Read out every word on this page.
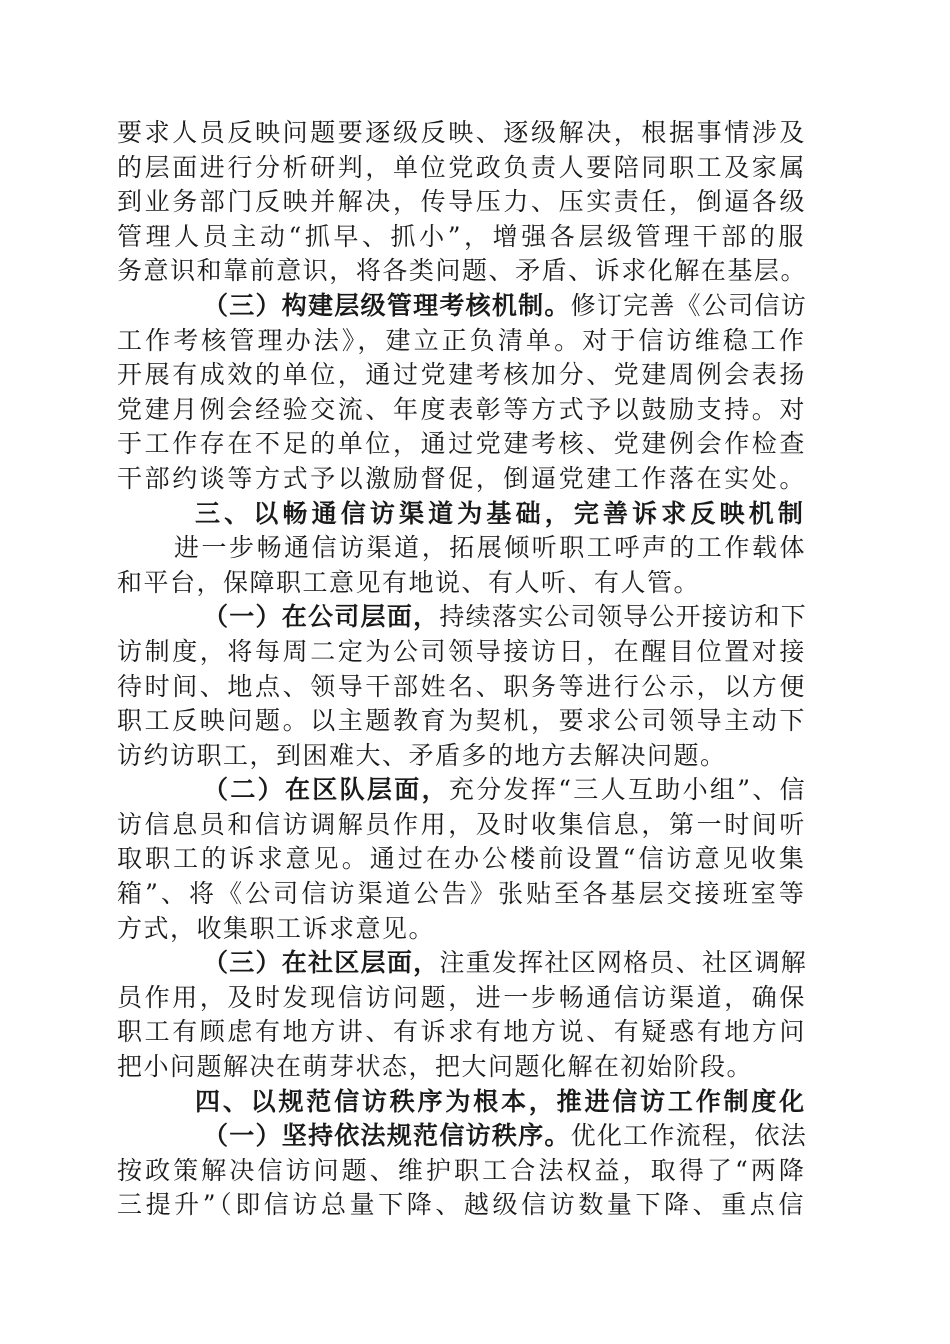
要求人员反映问题要逐级反映、逐级解决，根据事情涉及
的层面进行分析研判，单位党政负责人要陪同职工及家属
到业务部门反映并解决，传导压力、压实责任，倒逼各级
管理人员主动“抓早、抓小”，增强各层级管理干部的服
务意识和靠前意识，将各类问题、矛盾、诉求化解在基层。
（三）构建层级管理考核机制。修订完善《公司信访
工作考核管理办法》，建立正负清单。对于信访维稳工作
开展有成效的单位，通过党建考核加分、党建周例会表扬
党建月例会经验交流、年度表彰等方式予以鼓励支持。对
于工作存在不足的单位，通过党建考核、党建例会作检查
干部约谈等方式予以激励督促，倒逼党建工作落在实处。
三、以畅通信访渠道为基础，完善诉求反映机制
进一步畅通信访渠道，拓展倾听职工呼声的工作载体
和平台，保障职工意见有地说、有人听、有人管。
（一）在公司层面，持续落实公司领导公开接访和下
访制度，将每周二定为公司领导接访日，在醒目位置对接
待时间、地点、领导干部姓名、职务等进行公示，以方便
职工反映问题。以主题教育为契机，要求公司领导主动下
访约访职工，到困难大、矛盾多的地方去解决问题。
（二）在区队层面，充分发挥“三人互助小组”、信
访信息员和信访调解员作用，及时收集信息，第一时间听
取职工的诉求意见。通过在办公楼前设置“信访意见收集
箱”、将《公司信访渠道公告》张贴至各基层交接班室等
方式，收集职工诉求意见。
（三）在社区层面，注重发挥社区网格员、社区调解
员作用，及时发现信访问题，进一步畅通信访渠道，确保
职工有顾虑有地方讲、有诉求有地方说、有疑惑有地方问
把小问题解决在萌芽状态，把大问题化解在初始阶段。
四、以规范信访秩序为根本，推进信访工作制度化
（一）坚持依法规范信访秩序。优化工作流程，依法
按政策解决信访问题、维护职工合法权益，取得了“两降
三提升”（即信访总量下降、越级信访数量下降、重点信
